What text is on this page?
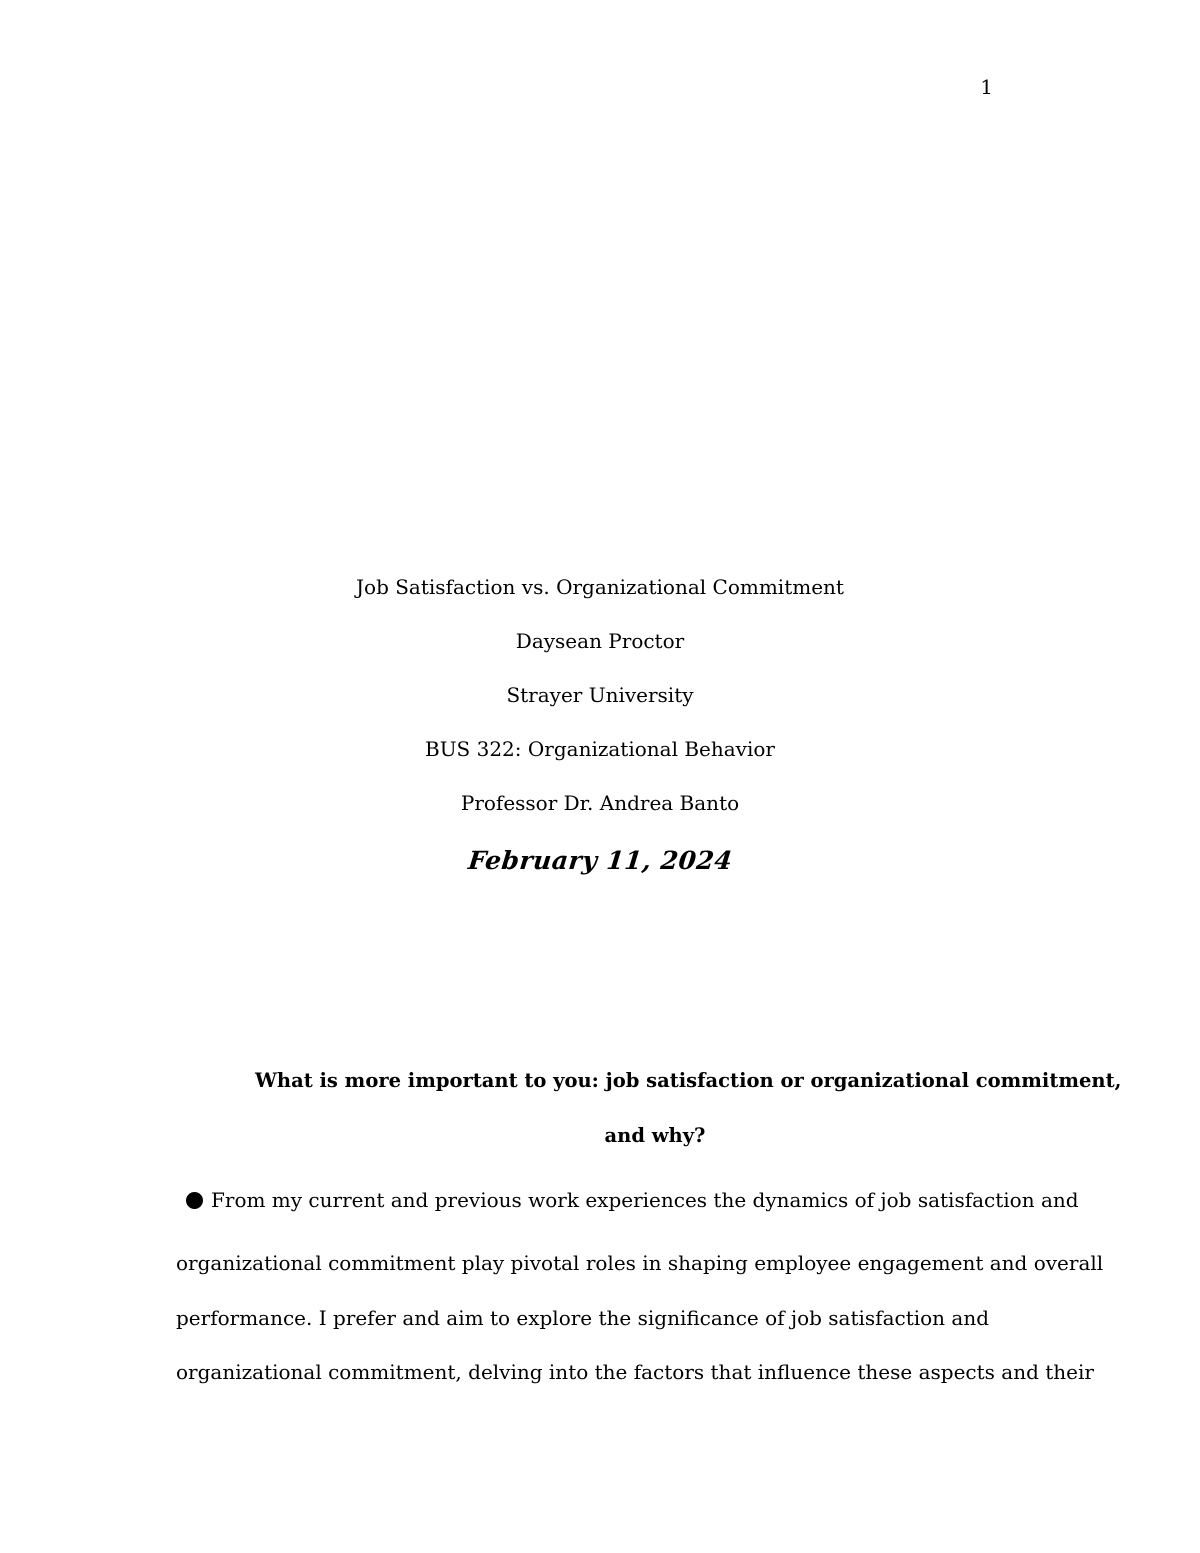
1
Job Satisfaction vs. Organizational Commitment
Daysean Proctor
Strayer University
BUS 322: Organizational Behavior
Professor Dr. Andrea Banto
February 11, 2024
What is more important to you: job satisfaction or organizational commitment,
and why?
From my current and previous work experiences the dynamics of job satisfaction and
organizational commitment play pivotal roles in shaping employee engagement and overall
performance. I prefer and aim to explore the significance of job satisfaction and
organizational commitment, delving into the factors that influence these aspects and their
